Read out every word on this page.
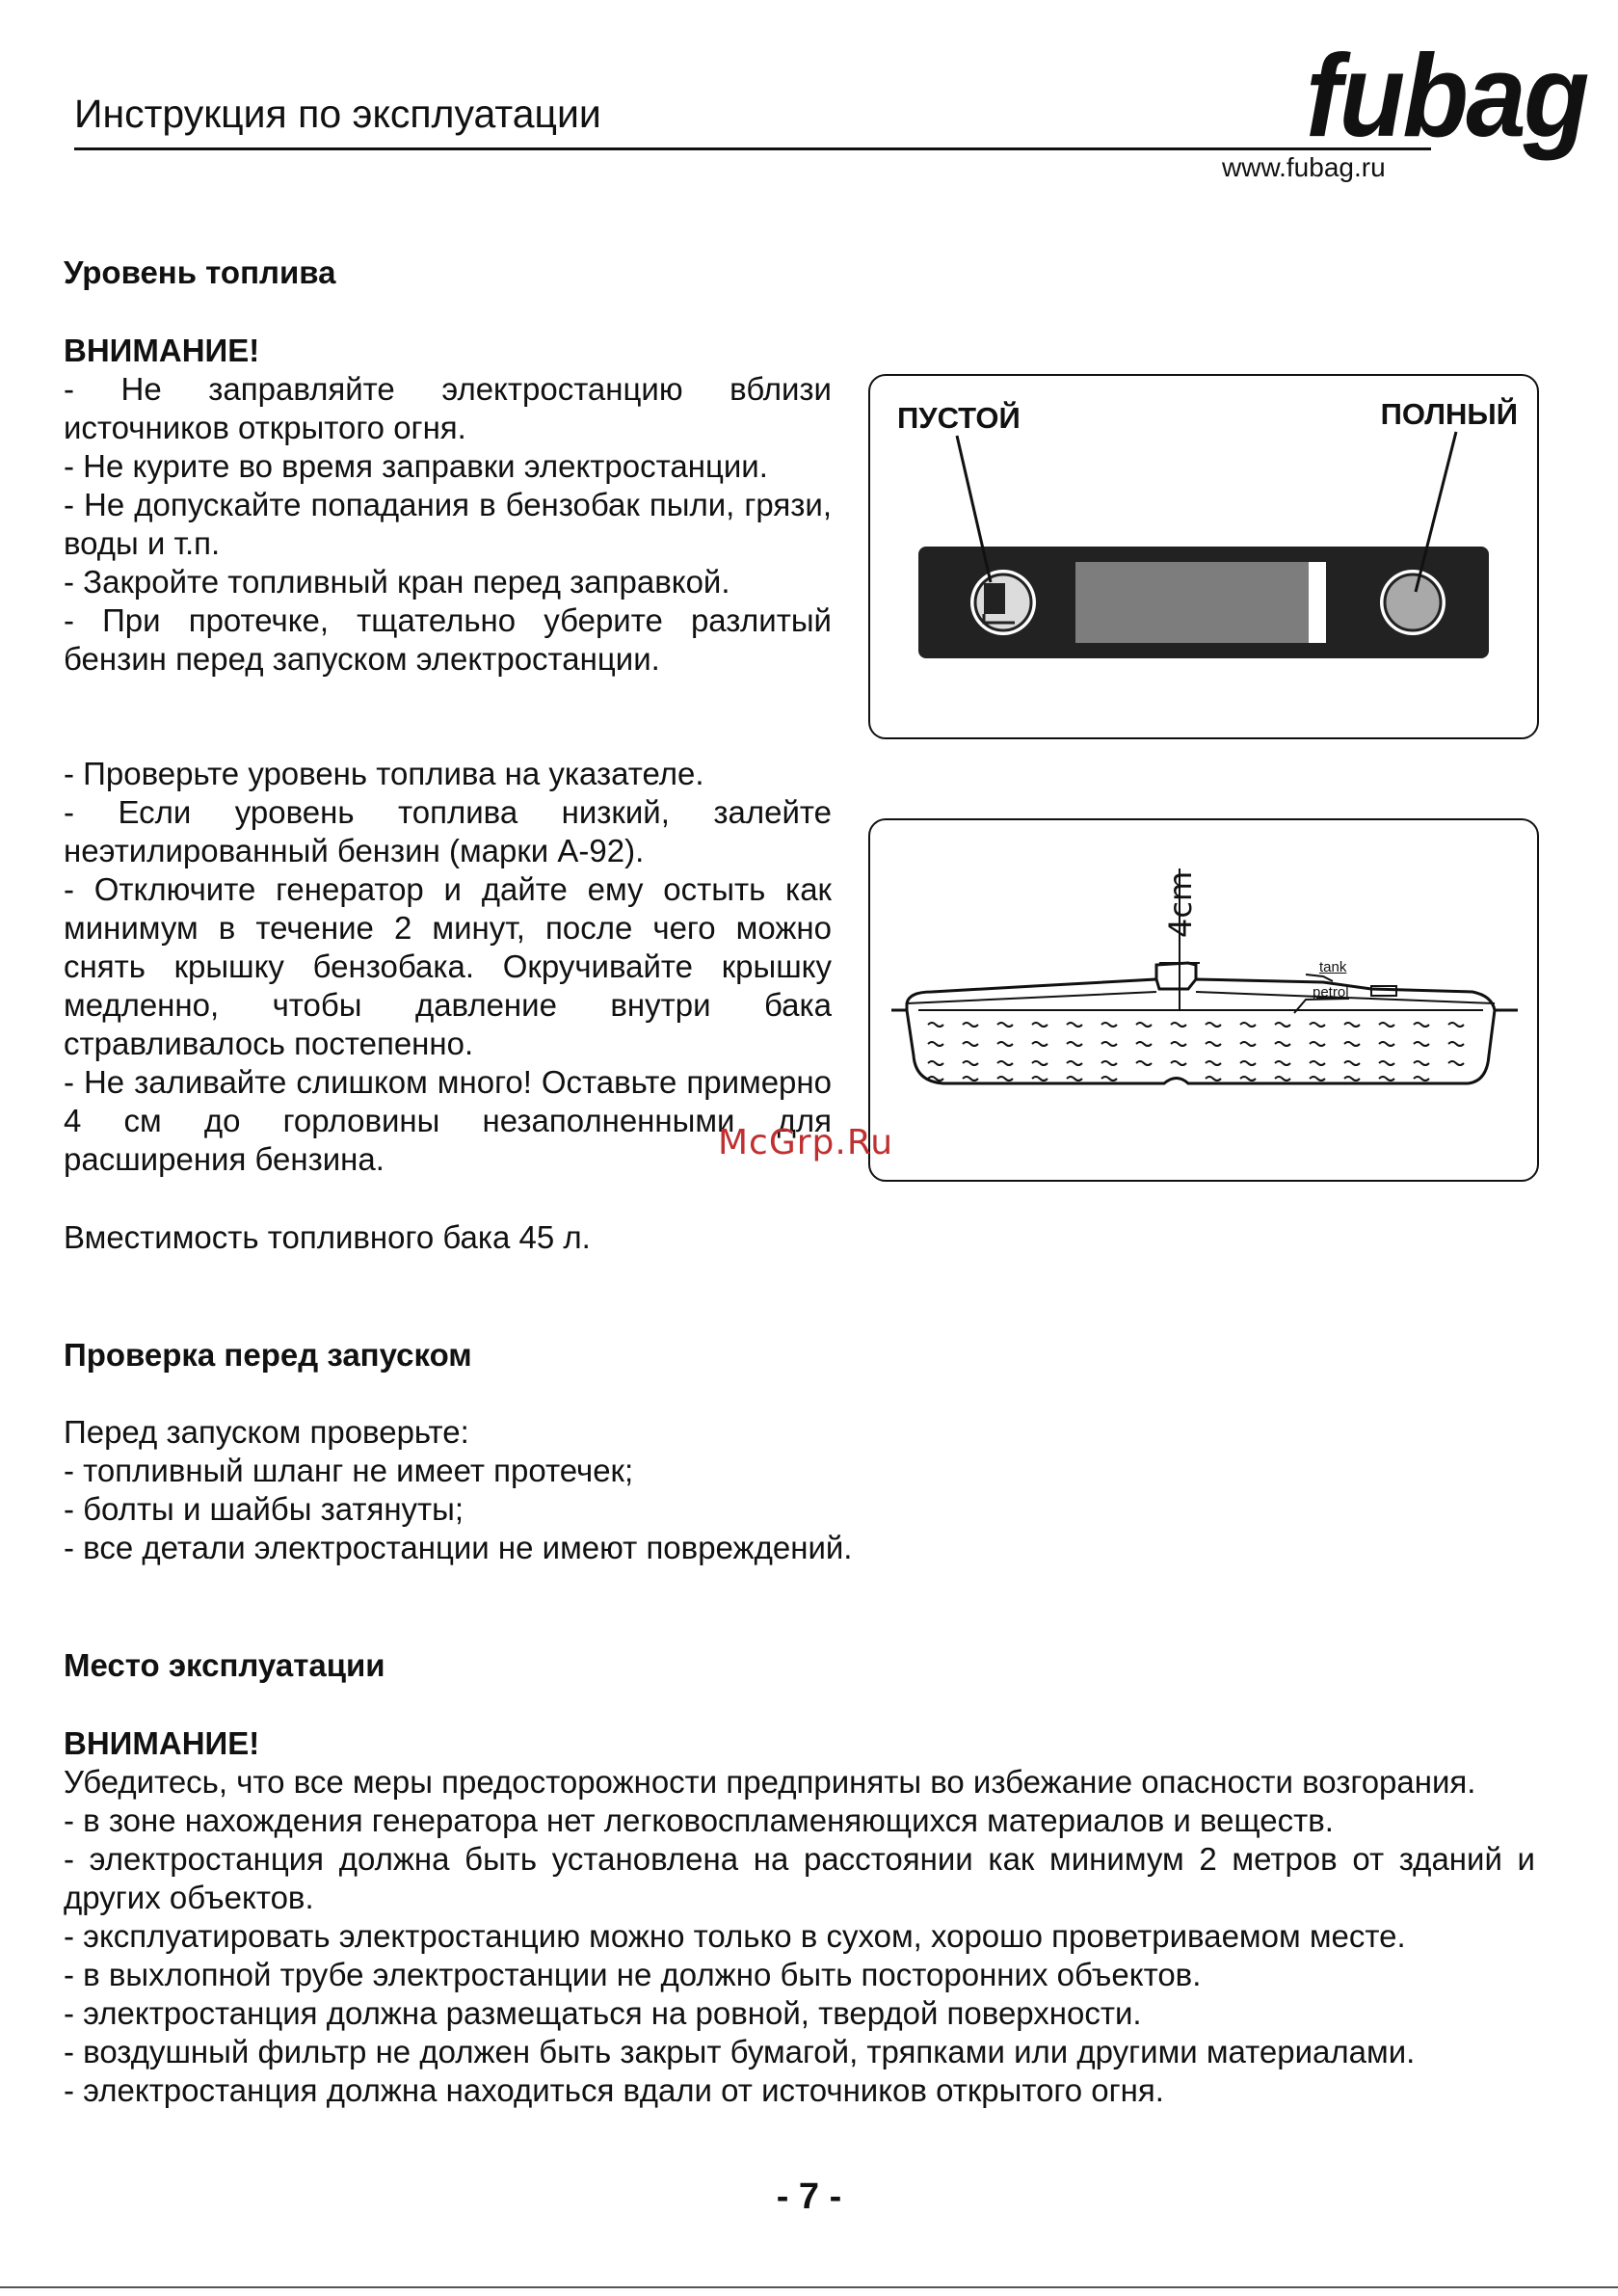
Инструкция по эксплуатации	fubag
www.fubag.ru
Уровень топлива
ВНИМАНИЕ!

- Не заправляйте электростанцию вблизи источников открытого огня.

- Не курите во время заправки электростанции.

- Не допускайте попадания в бензобак пыли, грязи, воды и т.п.

- Закройте топливный кран перед заправкой.

- При протечке, тщательно уберите разлитый бензин перед запуском электростанции.

- Проверьте уровень топлива на указателе.

- Если уровень топлива низкий, залейте неэтилированный бензин (марки А-92).

- Отключите генератор и дайте ему остыть как минимум в течение 2 минут, после чего можно снять крышку бензобака. Окручивайте крышку медленно, чтобы давление внутри бака стравливалось постепенно.

- Не заливайте слишком много! Оставьте примерно 4 см до горловины незаполненными для расширения бензина.

Вместимость топливного бака 45 л.
ПУСТОЙ	ПОЛНЫЙ
4cm
tank
petrol
McGrp.Ru
Проверка перед запуском

Перед запуском проверьте:

- топливный шланг не имеет протечек;

- болты и шайбы затянуты;

- все детали электростанции не имеют повреждений.

Место эксплуатации
ВНИМАНИЕ!

Убедитесь, что все меры предосторожности предприняты во избежание опасности возгорания.

- в зоне нахождения генератора нет легковоспламеняющихся материалов и веществ.

- электростанция должна быть установлена на расстоянии как минимум 2 метров от зданий и других объектов.

- эксплуатировать электростанцию можно только в сухом, хорошо проветриваемом месте.

- в выхлопной трубе электростанции не должно быть посторонних объектов.

- электростанция должна размещаться на ровной, твердой поверхности.

- воздушный фильтр не должен быть закрыт бумагой, тряпками или другими материалами.

- электростанция должна находиться вдали от источников открытого огня.

- 7 -
